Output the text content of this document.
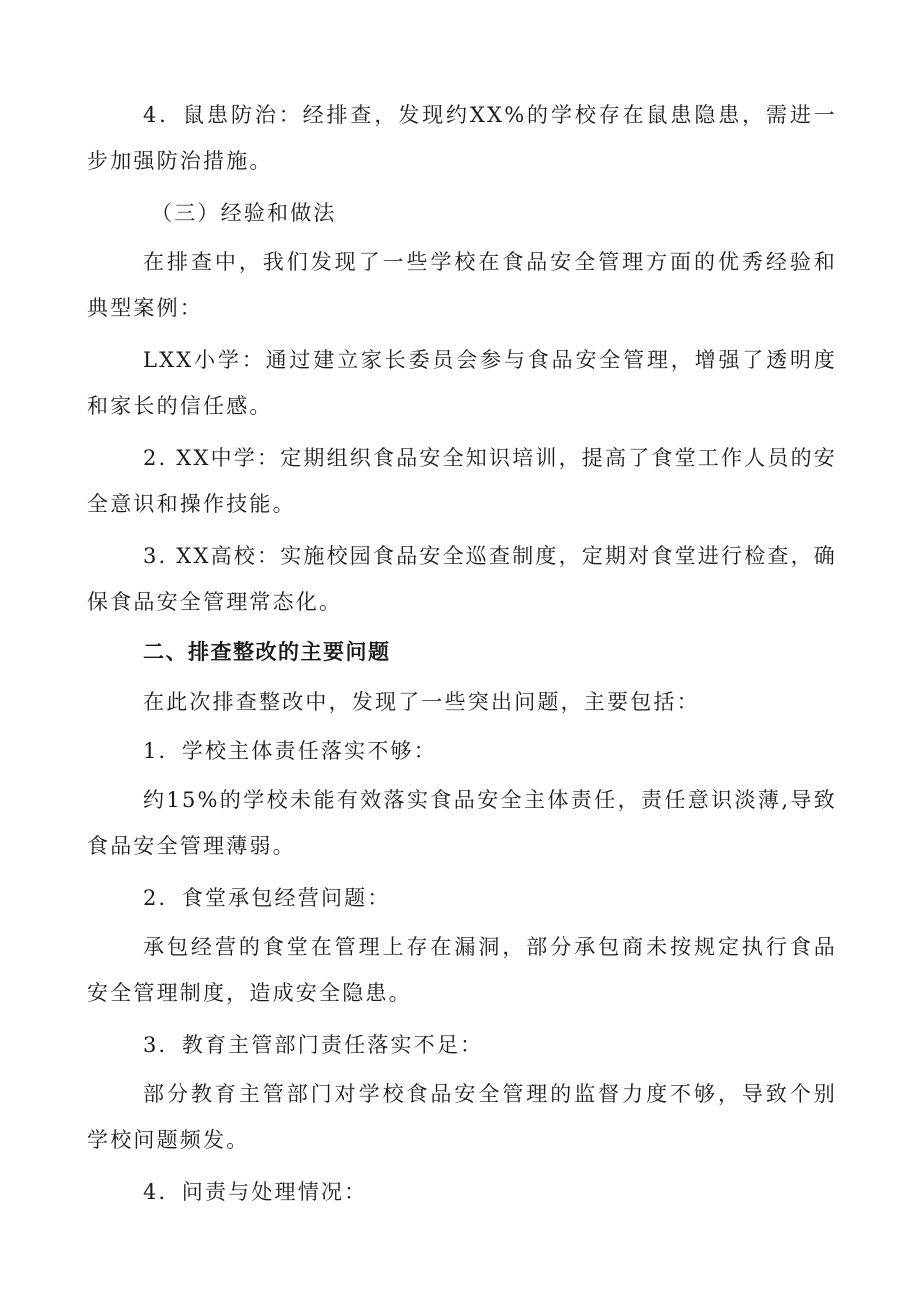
4．鼠患防治：经排查，发现约XX%的学校存在鼠患隐患，需进一步加强防治措施。

（三）经验和做法

在排查中，我们发现了一些学校在食品安全管理方面的优秀经验和典型案例：

LXX小学：通过建立家长委员会参与食品安全管理，增强了透明度和家长的信任感。

2. XX中学：定期组织食品安全知识培训，提高了食堂工作人员的安全意识和操作技能。

3. XX高校：实施校园食品安全巡查制度，定期对食堂进行检查，确保食品安全管理常态化。

二、排查整改的主要问题

在此次排查整改中，发现了一些突出问题，主要包括：

1．学校主体责任落实不够：

约15%的学校未能有效落实食品安全主体责任，责任意识淡薄,导致食品安全管理薄弱。

2．食堂承包经营问题：

承包经营的食堂在管理上存在漏洞，部分承包商未按规定执行食品安全管理制度，造成安全隐患。

3．教育主管部门责任落实不足：

部分教育主管部门对学校食品安全管理的监督力度不够，导致个别学校问题频发。

4．问责与处理情况：
